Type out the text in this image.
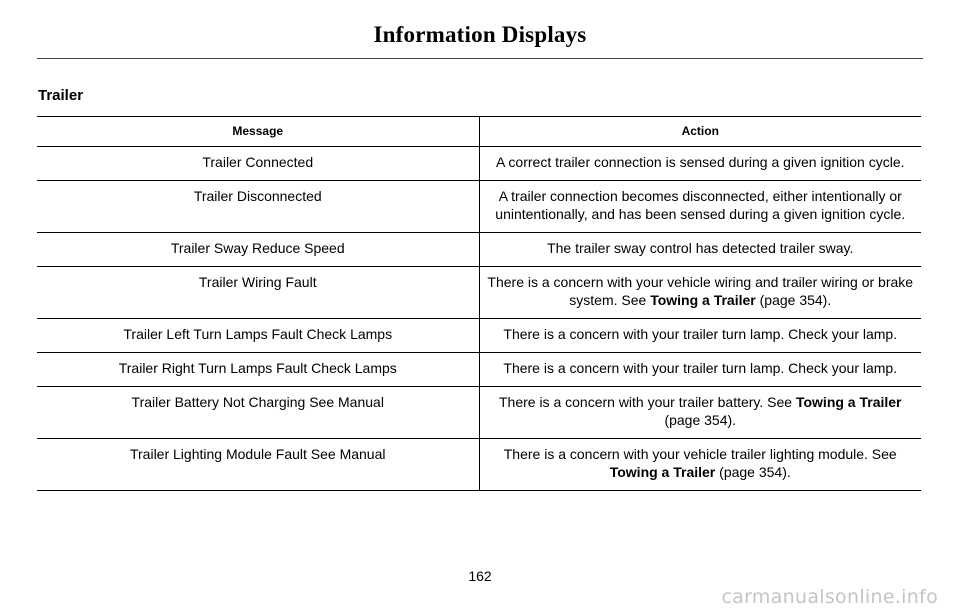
Information Displays
Trailer
Message	Action
Trailer Connected	A correct trailer connection is sensed during a given ignition cycle.
Trailer Disconnected	A trailer connection becomes disconnected, either intentionally or unintentionally, and has been sensed during a given ignition cycle.
Trailer Sway Reduce Speed	The trailer sway control has detected trailer sway.
Trailer Wiring Fault	There is a concern with your vehicle wiring and trailer wiring or brake system. See Towing a Trailer (page 354).
Trailer Left Turn Lamps Fault Check Lamps	There is a concern with your trailer turn lamp. Check your lamp.
Trailer Right Turn Lamps Fault Check Lamps	There is a concern with your trailer turn lamp. Check your lamp.
Trailer Battery Not Charging See Manual	There is a concern with your trailer battery. See Towing a Trailer (page 354).
Trailer Lighting Module Fault See Manual	There is a concern with your vehicle trailer lighting module. See Towing a Trailer (page 354).
162
carmanualsonline.info
